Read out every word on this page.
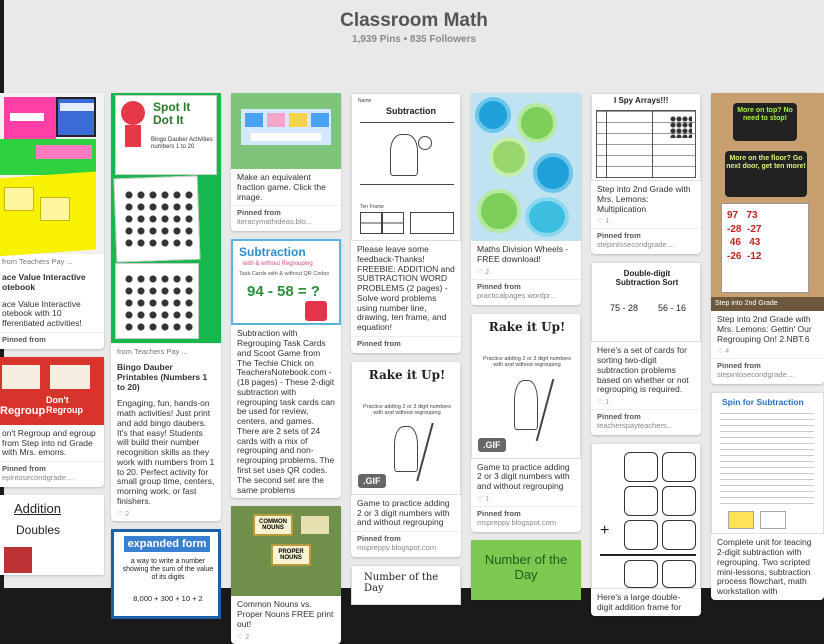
Classroom Math
1,939 Pins • 835 Followers
from Teachers Pay ...
ace Value Interactive otebook
ace Value Interactive otebook with 10 fferentiated activities!
Pinned from
Don't Regroup
Regroup
on't Regroup and egroup from Step into nd Grade with Mrs. emons.
Pinned from
epintosecondgrade....
Addition
Doubles
Spot It Dot It
Bingo Dauber Activities numbers 1 to 20
from Teachers Pay ...
Bingo Dauber Printables (Numbers 1 to 20)
Engaging, fun, hands-on math activities! Just print and add bingo daubers. It's that easy! Students will build their number recognition skills as they work with numbers from 1 to 20. Perfect activity for small group time, centers, morning work, or fast finishers.
♡ 2
expanded form
a way to write a number showing the sum of the value of its digits
8,000 + 300 + 10 + 2
Make an equivalent fraction game. Click the image.
Pinned from
iteracymathideas.blo...
Subtraction
with & without Regrouping
Task Cards with & without QR Codes
94 - 58 = ?
Subtraction with Regrouping Task Cards and Scoot Game from The Techie Chick on TeachersNotebook.com - (18 pages) - These 2-digit subtraction with regrouping task cards can be used for review, centers, and games. There are 2 sets of 24 cards with a mix of regrouping and non-regrouping problems. The first set uses QR codes. The second set are the same problems
COMMON NOUNS
PROPER NOUNS
Common Nouns vs. Proper Nouns FREE print out!
♡ 2
Name
Subtraction
Ten Frame
Please leave some feedback-Thanks! FREEBIE: ADDITION and SUBTRACTION WORD PROBLEMS (2 pages) - Solve word problems using number line, drawing, ten frame, and equation!
Pinned from
Rake it Up!
Practice adding 2 or 3 digit numbers with and without regrouping
.GIF
Game to practice adding 2 or 3 digit numbers with and without regrouping
Pinned from
mspreppy.blogspot.com
Number of the Day
Maths Division Wheels - FREE download!
♡ 2
Pinned from
practicalpages.wordpr...
Rake it Up!
Practice adding 2 or 3 digit numbers with and without regrouping
.GIF
Game to practice adding 2 or 3 digit numbers with and without regrouping
♡ 1
Pinned from
mspreppy.blogspot.com
Number of the Day
I Spy Arrays!!!
Step into 2nd Grade with Mrs. Lemons: Multiplication
♡ 1
Pinned from
stepintosecondgrade....
Double-digit Subtraction Sort
75 - 28 56 - 16
Here's a set of cards for sorting two-digit subtraction problems based on whether or not regrouping is required.
♡ 1
Pinned from
teacherspayteachers...
+
Here's a large double-digit addition frame for
More on top? No need to stop!
More on the floor? Go next door, get ten more!
97   73
-28  -27
46   43
-26  -12
Step into 2nd Grade
Step into 2nd Grade with Mrs. Lemons: Gettin' Our Regrouping On! 2.NBT.6
♡ 4
Pinned from
stepintosecondgrade....
Spin for Subtraction
Complete unit for teacing 2-digit subtraction with regrouping. Two scripted mini-lessons, subtraction process flowchart, math workstation with
